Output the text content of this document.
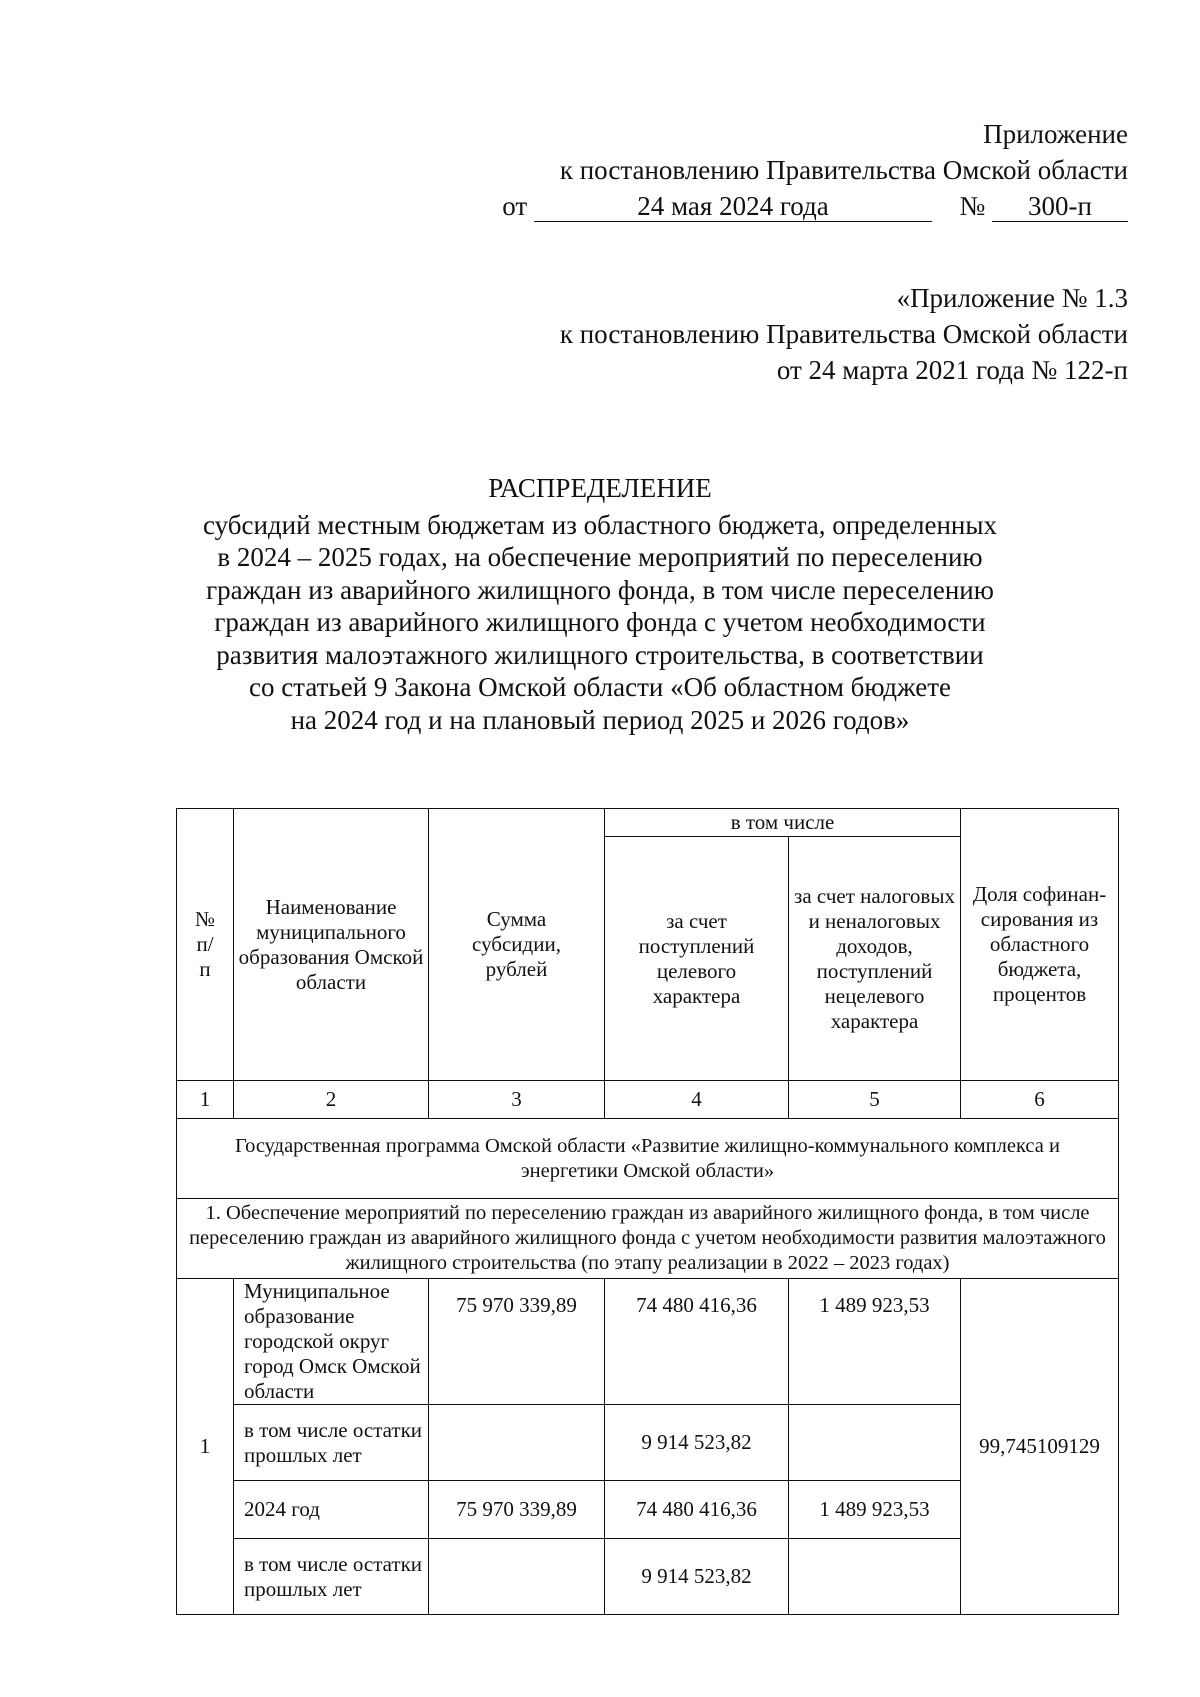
Приложение
к постановлению Правительства Омской области
от	24 мая 2024 года	№ 300-п
«Приложение № 1.3
к постановлению Правительства Омской области
от 24 марта 2021 года № 122-п
РАСПРЕДЕЛЕНИЕ
субсидий местным бюджетам из областного бюджета, определенных
в 2024 – 2025 годах, на обеспечение мероприятий по переселению
граждан из аварийного жилищного фонда, в том числе переселению
граждан из аварийного жилищного фонда с учетом необходимости
развития малоэтажного жилищного строительства, в соответствии
со статьей 9 Закона Омской области «Об областном бюджете
на 2024 год и на плановый период 2025 и 2026 годов»
№ п/п	Наименование муниципального образования Омской области	Сумма субсидии, рублей	в том числе		Доля софинан-сирования из областного бюджета, процентов
			за счет поступлений целевого характера	за счет налоговых и неналоговых доходов, поступлений нецелевого характера	
1	2	3	4	5	6
Государственная программа Омской области «Развитие жилищно-коммунального комплекса и энергетики Омской области»					
1. Обеспечение мероприятий по переселению граждан из аварийного жилищного фонда, в том числе переселению граждан из аварийного жилищного фонда с учетом необходимости развития малоэтажного жилищного строительства (по этапу реализации в 2022 – 2023 годах)					
1	Муниципальное образование городской округ город Омск Омской области	75 970 339,89	74 480 416,36	1 489 923,53	99,745109129
	в том числе остатки прошлых лет		9 914 523,82		
	2024 год	75 970 339,89	74 480 416,36	1 489 923,53	
	в том числе остатки прошлых лет		9 914 523,82		
